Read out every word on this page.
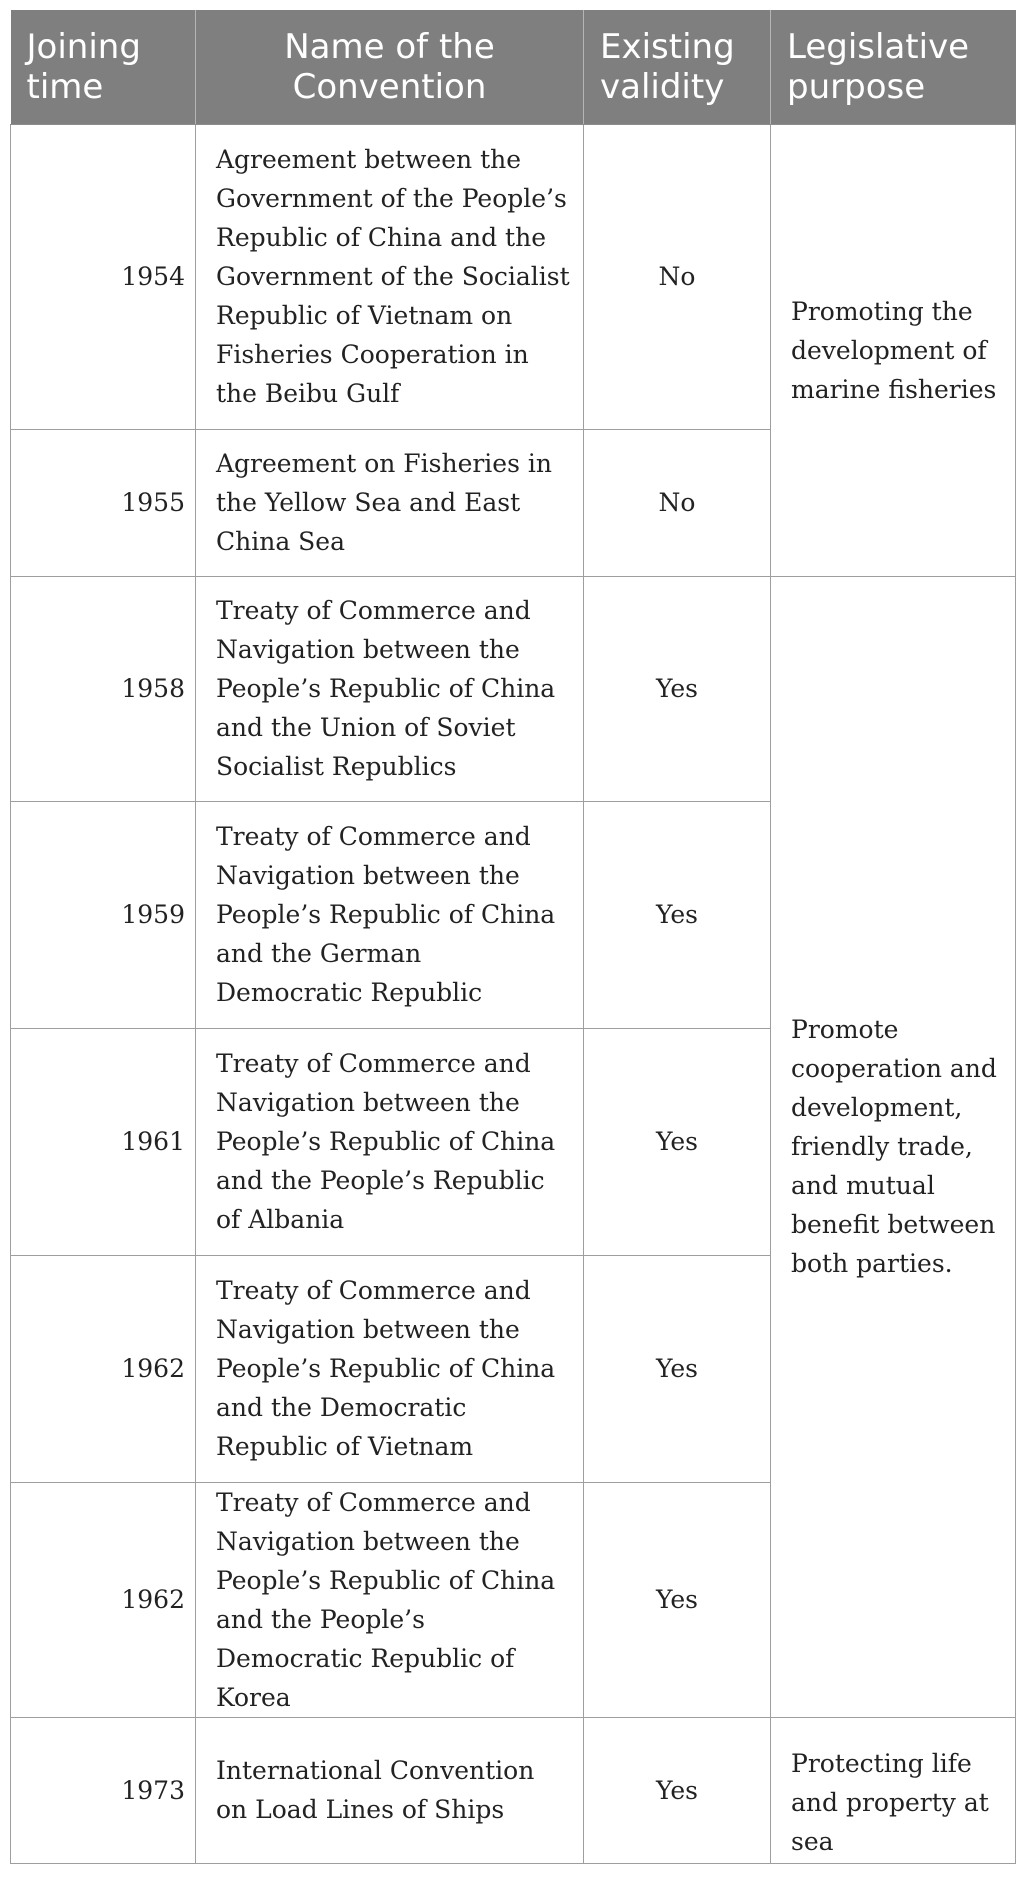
Joining time	Name of the Convention	Existing validity	Legislative purpose
1954	Agreement between the Government of the People’s Republic of China and the Government of the Socialist Republic of Vietnam on Fisheries Cooperation in the Beibu Gulf	No	Promoting the development of marine fisheries
1955	Agreement on Fisheries in the Yellow Sea and East China Sea	No	
1958	Treaty of Commerce and Navigation between the People’s Republic of China and the Union of Soviet Socialist Republics	Yes	Promote cooperation and development, friendly trade, and mutual benefit between both parties.
1959	Treaty of Commerce and Navigation between the People’s Republic of China and the German Democratic Republic	Yes	
1961	Treaty of Commerce and Navigation between the People’s Republic of China and the People’s Republic of Albania	Yes	
1962	Treaty of Commerce and Navigation between the People’s Republic of China and the Democratic Republic of Vietnam	Yes	
1962	Treaty of Commerce and Navigation between the People’s Republic of China and the People’s Democratic Republic of Korea	Yes	
1973	International Convention on Load Lines of Ships	Yes	Protecting life and property at sea
